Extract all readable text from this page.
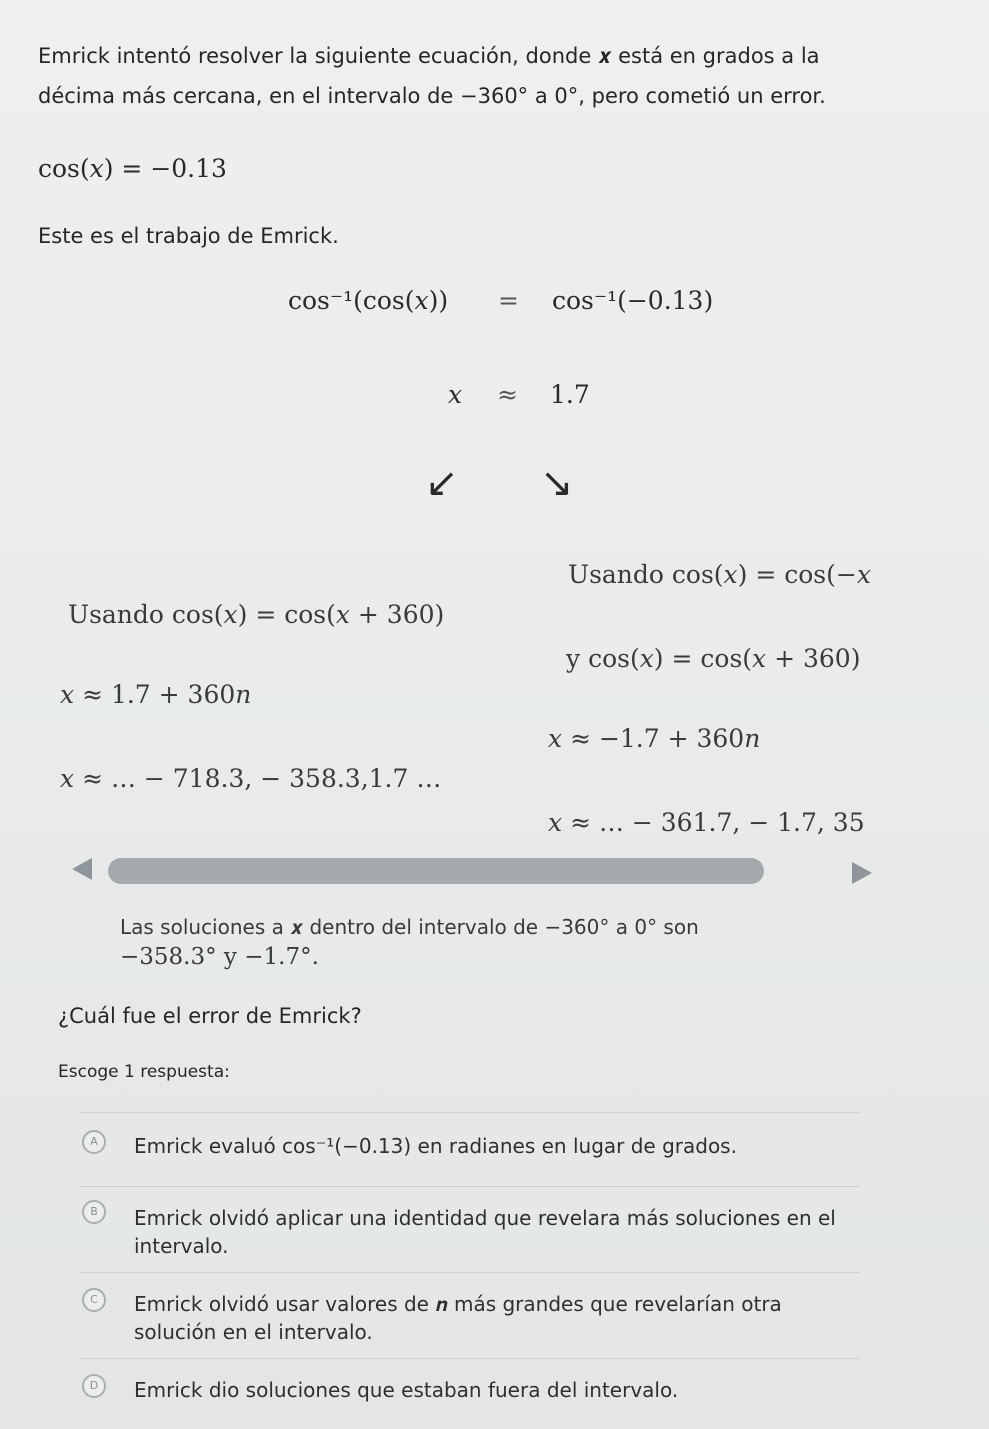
Emrick intentó resolver la siguiente ecuación, donde 𝒙 está en grados a la
décima más cercana, en el intervalo de −360° a 0°, pero cometió un error.
cos(𝑥) = −0.13
Este es el trabajo de Emrick.
cos⁻¹(cos(𝑥)) = cos⁻¹(−0.13)
𝑥 ≈ 1.7
↙ ↘
Usando cos(𝑥) = cos(−𝑥
Usando cos(𝑥) = cos(𝑥 + 360)
y cos(𝑥) = cos(𝑥 + 360)
𝑥 ≈ 1.7 + 360𝑛
𝑥 ≈ −1.7 + 360𝑛
𝑥 ≈ … − 718.3, − 358.3,1.7 …
𝑥 ≈ … − 361.7, − 1.7, 35
Las soluciones a 𝒙 dentro del intervalo de −360° a 0° son
−358.3° y −1.7°.
¿Cuál fue el error de Emrick?
Escoge 1 respuesta:
A	Emrick evaluó cos⁻¹(−0.13) en radianes en lugar de grados.
B	Emrick olvidó aplicar una identidad que revelara más soluciones en el intervalo.
C	Emrick olvidó usar valores de 𝒏 más grandes que revelarían otra solución en el intervalo.
D	Emrick dio soluciones que estaban fuera del intervalo.
